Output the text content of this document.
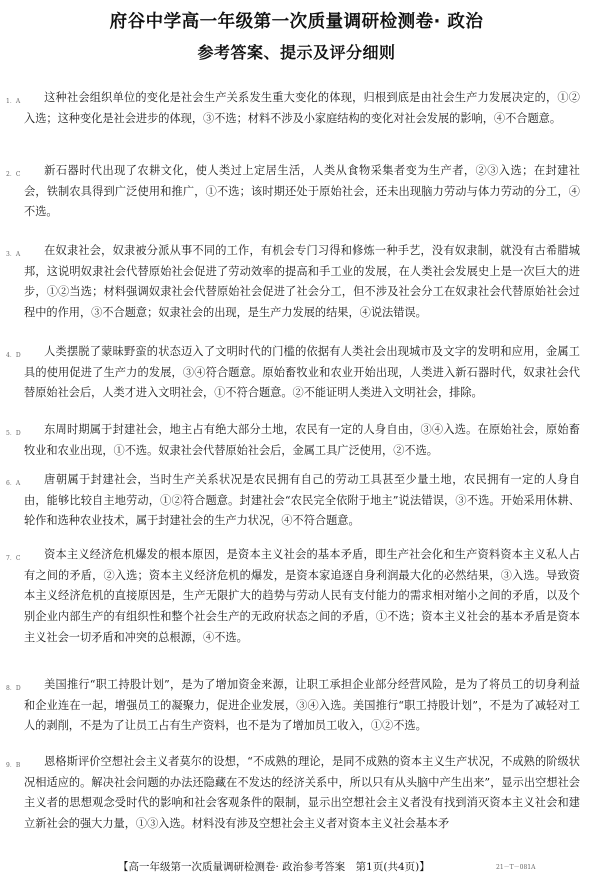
府谷中学高一年级第一次质量调研检测卷· 政治
参考答案、提示及评分细则
1．A	这种社会组织单位的变化是社会生产关系发生重大变化的体现，归根到底是由社会生产力发展决定的，①②入选；这种变化是社会进步的体现，③不选；材料不涉及小家庭结构的变化对社会发展的影响，④不合题意。
2．C	新石器时代出现了农耕文化，使人类过上定居生活，人类从食物采集者变为生产者，②③入选；在封建社会，铁制农具得到广泛使用和推广，①不选；该时期还处于原始社会，还未出现脑力劳动与体力劳动的分工，④不选。
3．A	在奴隶社会，奴隶被分派从事不同的工作，有机会专门习得和修炼一种手艺，没有奴隶制，就没有古希腊城邦，这说明奴隶社会代替原始社会促进了劳动效率的提高和手工业的发展，在人类社会发展史上是一次巨大的进步，①②当选；材料强调奴隶社会代替原始社会促进了社会分工，但不涉及社会分工在奴隶社会代替原始社会过程中的作用，③不合题意；奴隶社会的出现，是生产力发展的结果，④说法错误。
4．D	人类摆脱了蒙昧野蛮的状态迈入了文明时代的门槛的依据有人类社会出现城市及文字的发明和应用，金属工具的使用促进了生产力的发展，③④符合题意。原始畜牧业和农业开始出现，人类进入新石器时代，奴隶社会代替原始社会后，人类才进入文明社会，①不符合题意。②不能证明人类进入文明社会，排除。
5．D	东周时期属于封建社会，地主占有绝大部分土地，农民有一定的人身自由，③④入选。在原始社会，原始畜牧业和农业出现，①不选。奴隶社会代替原始社会后，金属工具广泛使用，②不选。
6．A	唐朝属于封建社会，当时生产关系状况是农民拥有自己的劳动工具甚至少量土地，农民拥有一定的人身自由，能够比较自主地劳动，①②符合题意。封建社会“农民完全依附于地主”说法错误，③不选。开始采用休耕、轮作和选种农业技术，属于封建社会的生产力状况，④不符合题意。
7．C	资本主义经济危机爆发的根本原因，是资本主义社会的基本矛盾，即生产社会化和生产资料资本主义私人占有之间的矛盾，②入选；资本主义经济危机的爆发，是资本家追逐自身利润最大化的必然结果，③入选。导致资本主义经济危机的直接原因是，生产无限扩大的趋势与劳动人民有支付能力的需求相对缩小之间的矛盾，以及个别企业内部生产的有组织性和整个社会生产的无政府状态之间的矛盾，①不选；资本主义社会的基本矛盾是资本主义社会一切矛盾和冲突的总根源，④不选。
8．D	美国推行“职工持股计划”，是为了增加资金来源，让职工承担企业部分经营风险，是为了将员工的切身利益和企业连在一起，增强员工的凝聚力，促进企业发展，③④入选。美国推行“职工持股计划”，不是为了减轻对工人的剥削，不是为了让员工占有生产资料，也不是为了增加员工收入，①②不选。
9．B	恩格斯评价空想社会主义者莫尔的设想，“不成熟的理论，是同不成熟的资本主义生产状况，不成熟的阶级状况相适应的。解决社会问题的办法还隐藏在不发达的经济关系中，所以只有从头脑中产生出来”，显示出空想社会主义者的思想观念受时代的影响和社会客观条件的限制，显示出空想社会主义者没有找到消灭资本主义社会和建立新社会的强大力量，①③入选。材料没有涉及空想社会主义者对资本主义社会基本矛
【高一年级第一次质量调研检测卷· 政治参考答案　第1页(共4页)】	21－T－081A
